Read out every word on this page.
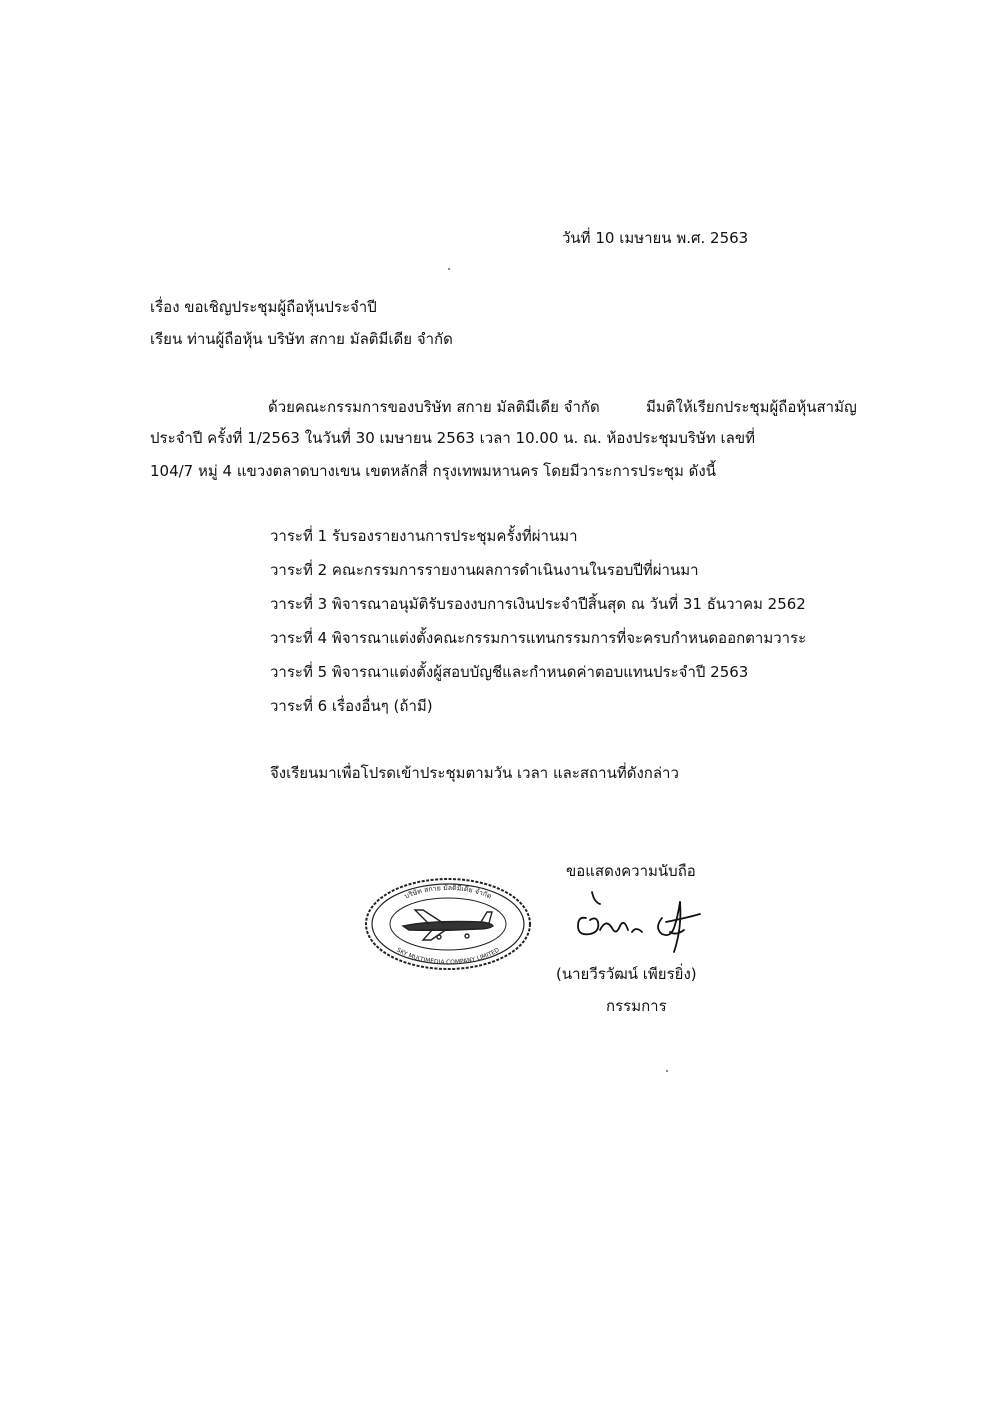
วันที่ 10 เมษายน พ.ศ. 2563
เรื่อง ขอเชิญประชุมผู้ถือหุ้นประจำปี
เรียน ท่านผู้ถือหุ้น บริษัท สกาย มัลติมีเดีย จำกัด
ด้วยคณะกรรมการของบริษัท สกาย มัลติมีเดีย จำกัด	มีมติให้เรียกประชุมผู้ถือหุ้นสามัญ
ประจำปี ครั้งที่ 1/2563 ในวันที่ 30 เมษายน 2563 เวลา 10.00 น. ณ. ห้องประชุมบริษัท เลขที่
104/7 หมู่ 4 แขวงตลาดบางเขน เขตหลักสี่ กรุงเทพมหานคร โดยมีวาระการประชุม ดังนี้
วาระที่ 1 รับรองรายงานการประชุมครั้งที่ผ่านมา
วาระที่ 2 คณะกรรมการรายงานผลการดำเนินงานในรอบปีที่ผ่านมา
วาระที่ 3 พิจารณาอนุมัติรับรองงบการเงินประจำปีสิ้นสุด ณ วันที่ 31 ธันวาคม 2562
วาระที่ 4 พิจารณาแต่งตั้งคณะกรรมการแทนกรรมการที่จะครบกำหนดออกตามวาระ
วาระที่ 5 พิจารณาแต่งตั้งผู้สอบบัญชีและกำหนดค่าตอบแทนประจำปี 2563
วาระที่ 6 เรื่องอื่นๆ (ถ้ามี)
จึงเรียนมาเพื่อโปรดเข้าประชุมตามวัน เวลา และสถานที่ดังกล่าว
ขอแสดงความนับถือ
บริษัท สกาย มัลติมีเดีย จำกัด
SKY MULTIMEDIA COMPANY LIMITED
(นายวีรวัฒน์ เพียรยิ่ง)
กรรมการ
